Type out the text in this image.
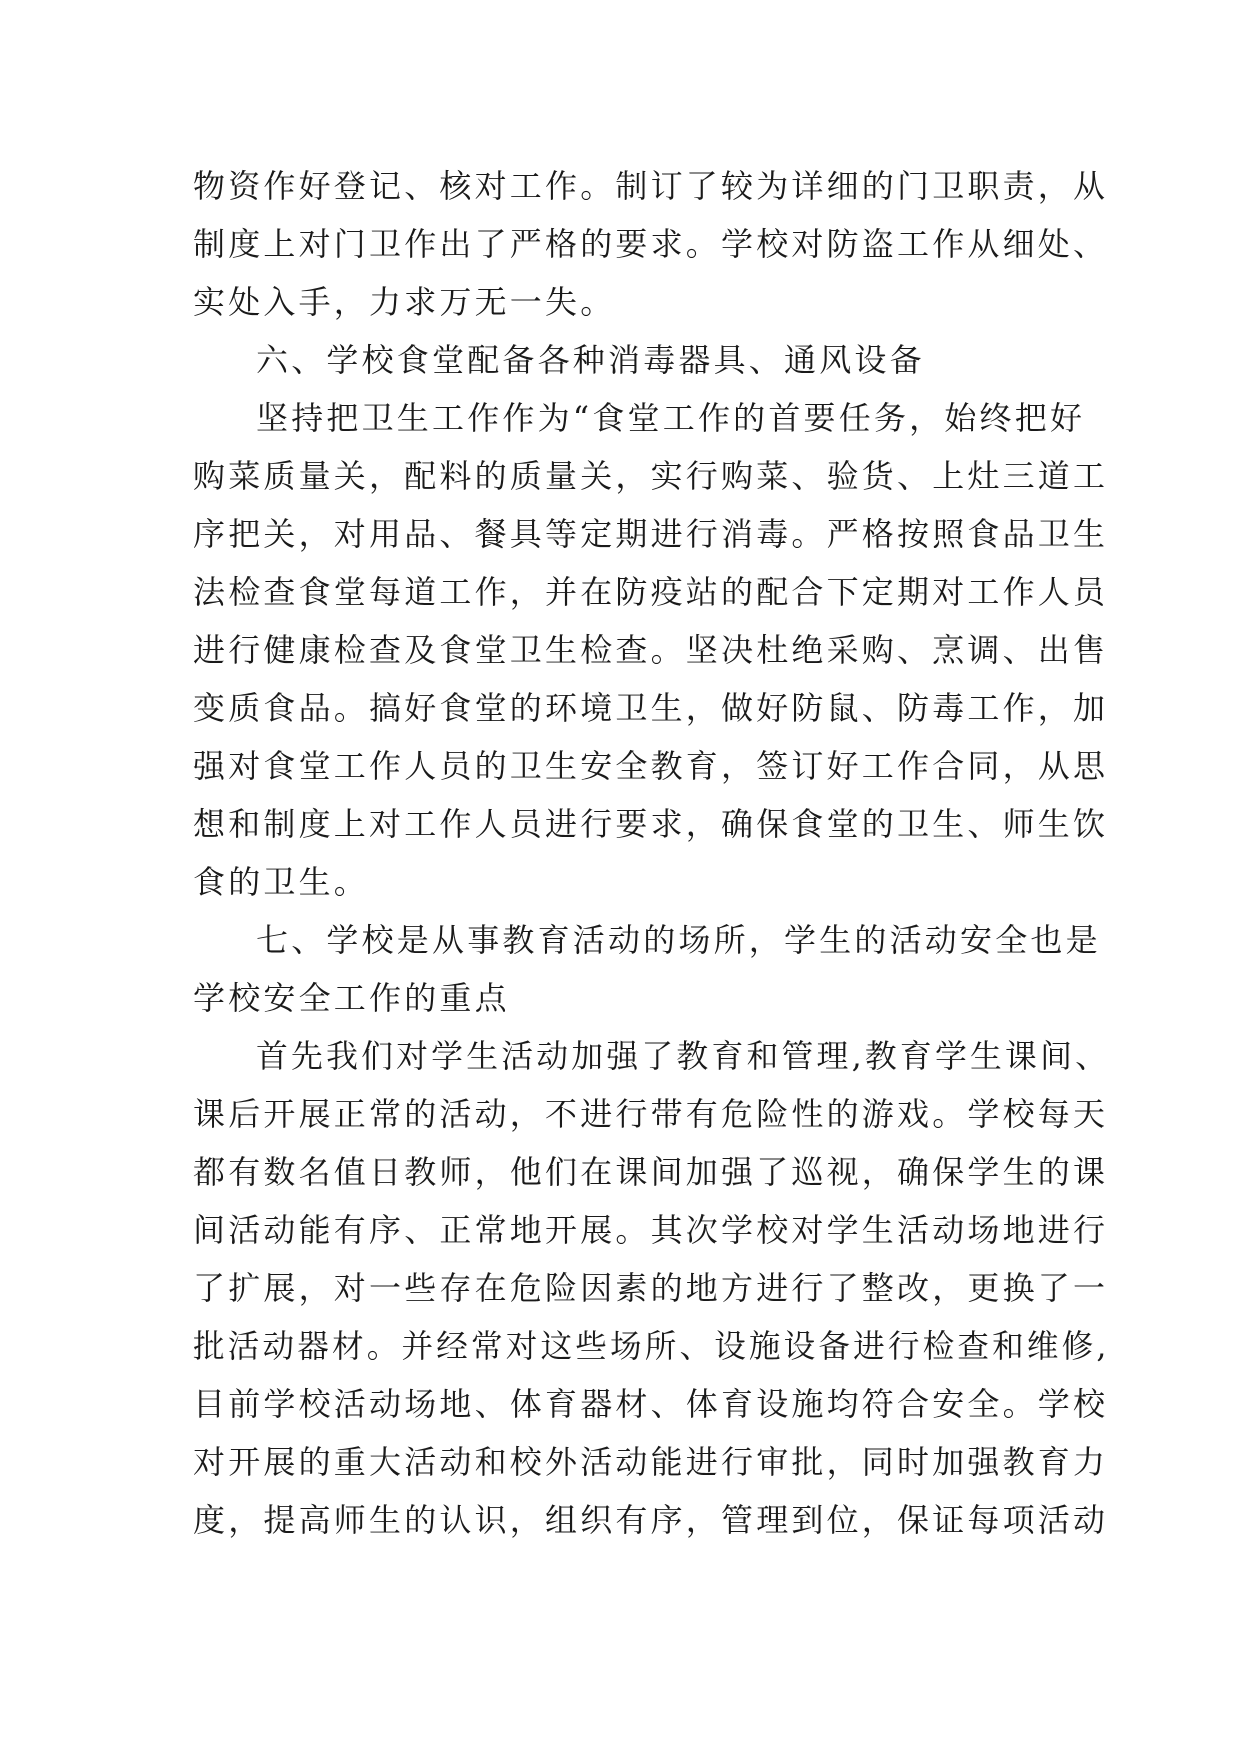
物资作好登记、核对工作。制订了较为详细的门卫职责，从
制度上对门卫作出了严格的要求。学校对防盗工作从细处、
实处入手，力求万无一失。
六、学校食堂配备各种消毒器具、通风设备
坚持把卫生工作作为“食堂工作的首要任务，始终把好
购菜质量关，配料的质量关，实行购菜、验货、上灶三道工
序把关，对用品、餐具等定期进行消毒。严格按照食品卫生
法检查食堂每道工作，并在防疫站的配合下定期对工作人员
进行健康检查及食堂卫生检查。坚决杜绝采购、烹调、出售
变质食品。搞好食堂的环境卫生，做好防鼠、防毒工作，加
强对食堂工作人员的卫生安全教育，签订好工作合同，从思
想和制度上对工作人员进行要求，确保食堂的卫生、师生饮
食的卫生。
七、学校是从事教育活动的场所，学生的活动安全也是
学校安全工作的重点
首先我们对学生活动加强了教育和管理,教育学生课间、
课后开展正常的活动，不进行带有危险性的游戏。学校每天
都有数名值日教师，他们在课间加强了巡视，确保学生的课
间活动能有序、正常地开展。其次学校对学生活动场地进行
了扩展，对一些存在危险因素的地方进行了整改，更换了一
批活动器材。并经常对这些场所、设施设备进行检查和维修,
目前学校活动场地、体育器材、体育设施均符合安全。学校
对开展的重大活动和校外活动能进行审批，同时加强教育力
度，提高师生的认识，组织有序，管理到位，保证每项活动
